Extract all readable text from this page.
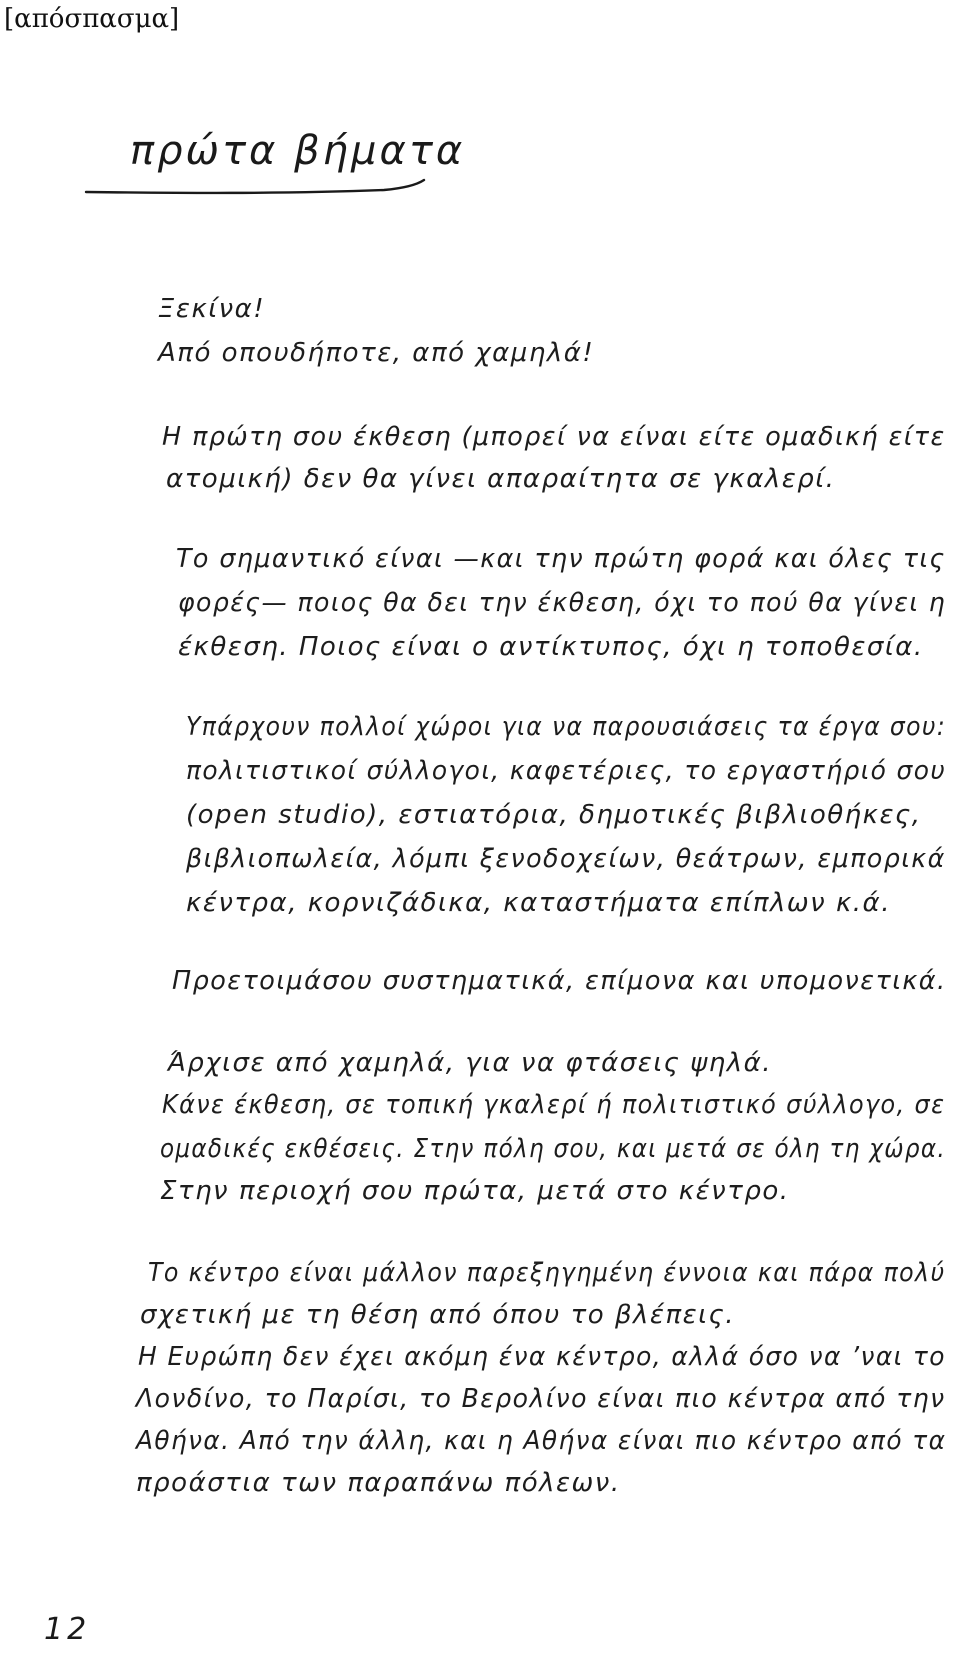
[απόσπασμα]
πρώτα βήματα
Ξεκίνα!
Από οπουδήποτε, από χαμηλά!
Η πρώτη σου έκθεση (μπορεί να είναι είτε ομαδική είτε
ατομική) δεν θα γίνει απαραίτητα σε γκαλερί.
Το σημαντικό είναι —και την πρώτη φορά και όλες τις
φορές— ποιος θα δει την έκθεση, όχι το πού θα γίνει η
έκθεση. Ποιος είναι ο αντίκτυπος, όχι η τοποθεσία.
Υπάρχουν πολλοί χώροι για να παρουσιάσεις τα έργα σου:
πολιτιστικοί σύλλογοι, καφετέριες, το εργαστήριό σου
(open studio), εστιατόρια, δημοτικές βιβλιοθήκες,
βιβλιοπωλεία, λόμπι ξενοδοχείων, θεάτρων, εμπορικά
κέντρα, κορνιζάδικα, καταστήματα επίπλων κ.ά.
Προετοιμάσου συστηματικά, επίμονα και υπομονετικά.
Άρχισε από χαμηλά, για να φτάσεις ψηλά.
Κάνε έκθεση, σε τοπική γκαλερί ή πολιτιστικό σύλλογο, σε
ομαδικές εκθέσεις. Στην πόλη σου, και μετά σε όλη τη χώρα.
Στην περιοχή σου πρώτα, μετά στο κέντρο.
Το κέντρο είναι μάλλον παρεξηγημένη έννοια και πάρα πολύ
σχετική με τη θέση από όπου το βλέπεις.
Η Ευρώπη δεν έχει ακόμη ένα κέντρο, αλλά όσο να ’ναι το
Λονδίνο, το Παρίσι, το Βερολίνο είναι πιο κέντρα από την
Αθήνα. Από την άλλη, και η Αθήνα είναι πιο κέντρο από τα
προάστια των παραπάνω πόλεων.
12
